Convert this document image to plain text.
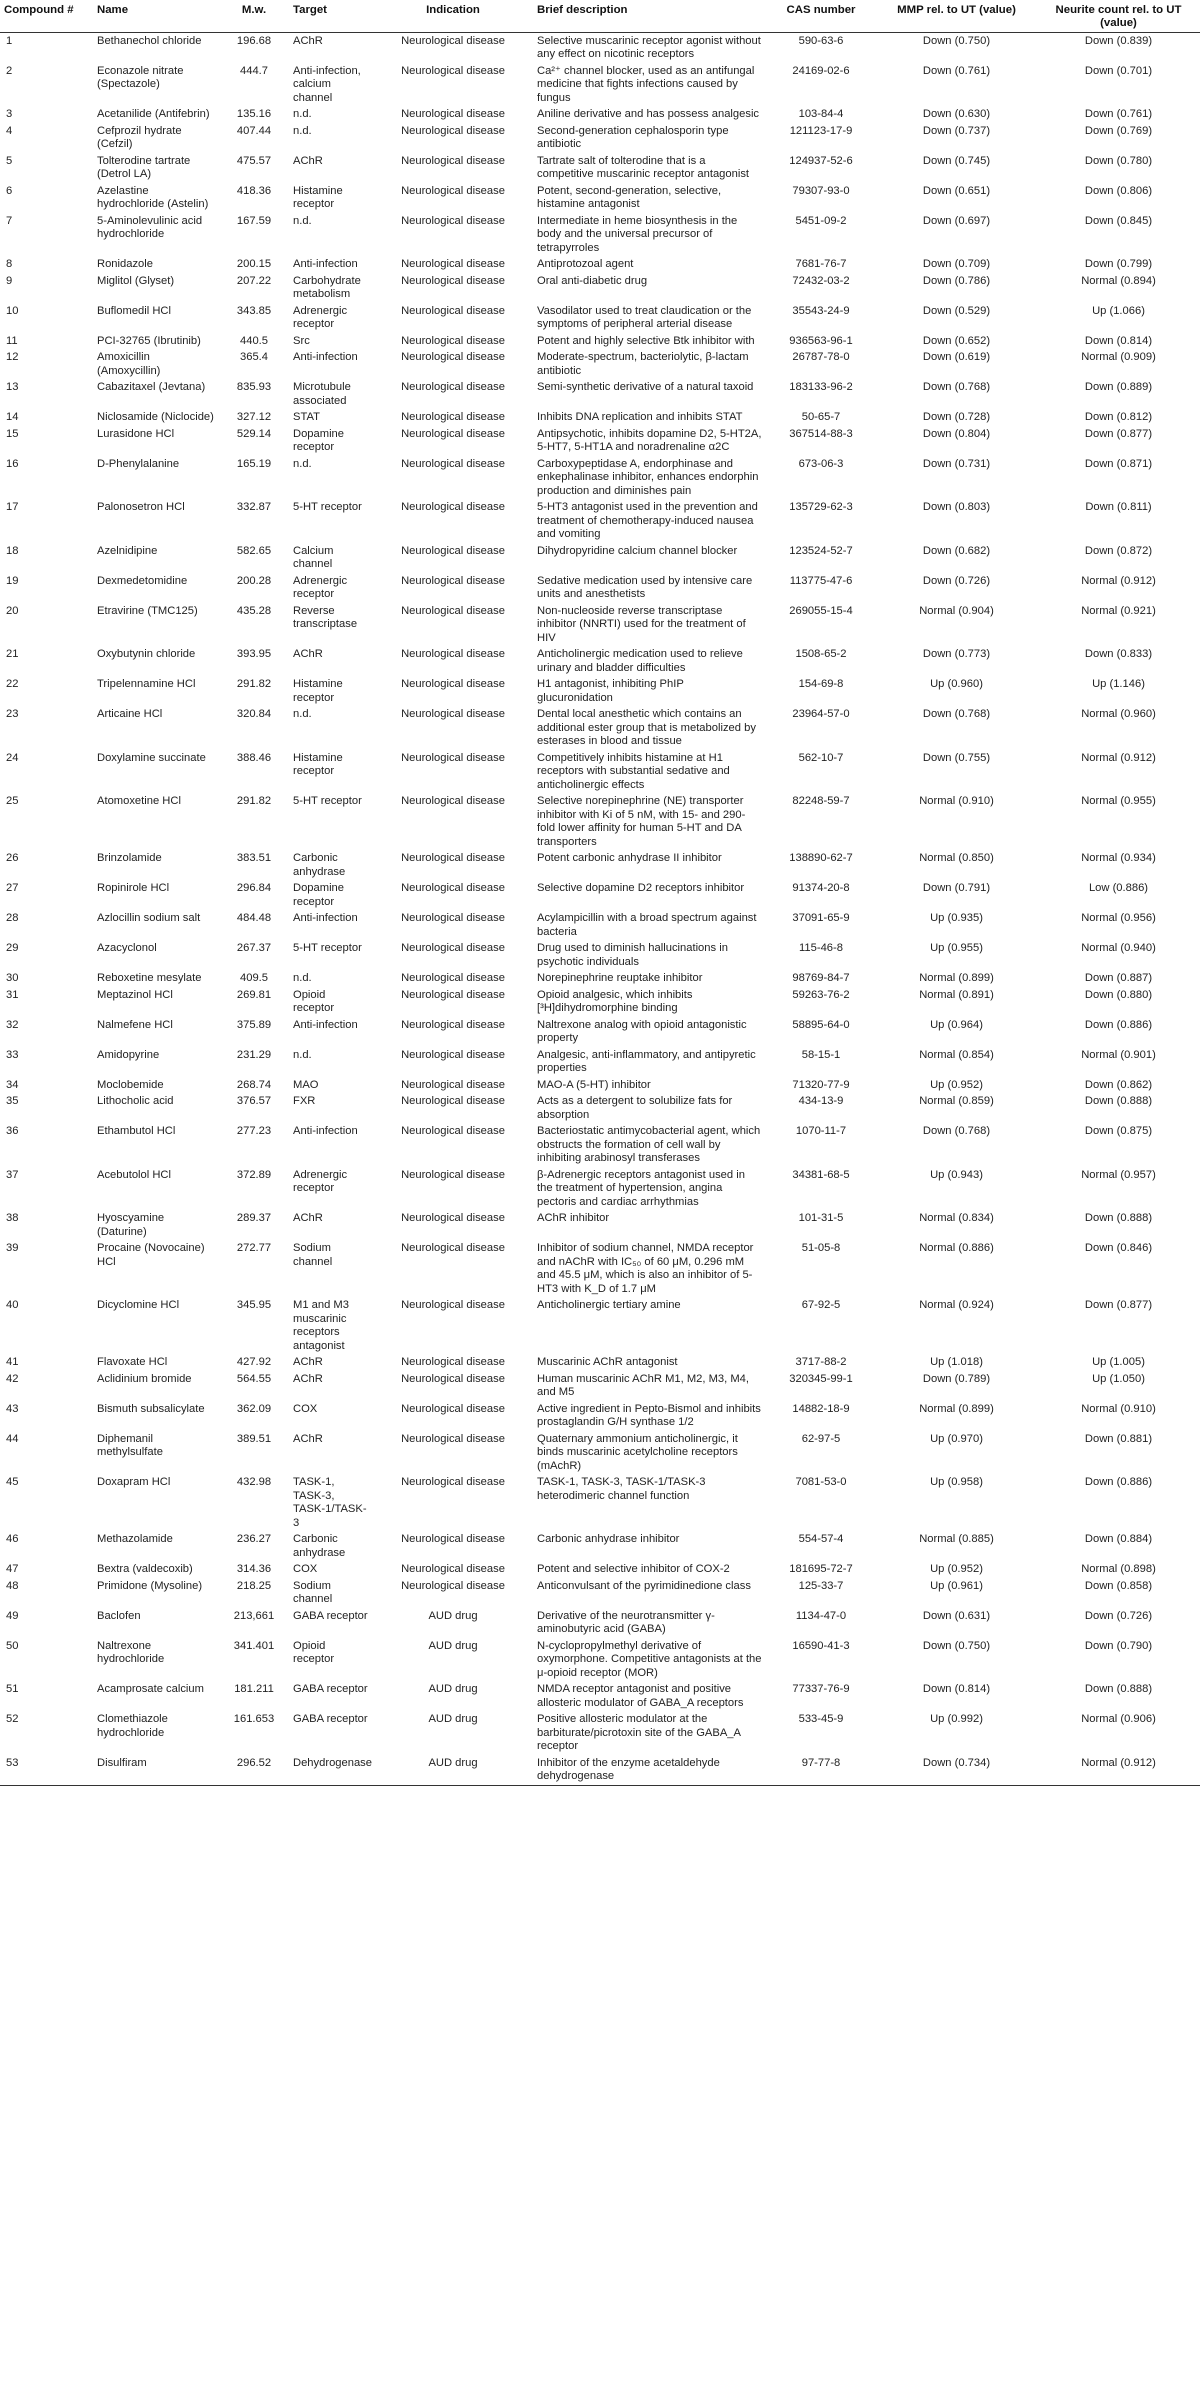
Compound #	Name	M.w.	Target	Indication	Brief description	CAS number	MMP rel. to UT (value)	Neurite count rel. to UT (value)
1	Bethanechol chloride	196.68	AChR	Neurological disease	Selective muscarinic receptor agonist without any effect on nicotinic receptors	590-63-6	Down (0.750)	Down (0.839)
2	Econazole nitrate (Spectazole)	444.7	Anti-infection, calcium channel	Neurological disease	Ca²⁺ channel blocker, used as an antifungal medicine that fights infections caused by fungus	24169-02-6	Down (0.761)	Down (0.701)
3	Acetanilide (Antifebrin)	135.16	n.d.	Neurological disease	Aniline derivative and has possess analgesic	103-84-4	Down (0.630)	Down (0.761)
4	Cefprozil hydrate (Cefzil)	407.44	n.d.	Neurological disease	Second-generation cephalosporin type antibiotic	121123-17-9	Down (0.737)	Down (0.769)
5	Tolterodine tartrate (Detrol LA)	475.57	AChR	Neurological disease	Tartrate salt of tolterodine that is a competitive muscarinic receptor antagonist	124937-52-6	Down (0.745)	Down (0.780)
6	Azelastine hydrochloride (Astelin)	418.36	Histamine receptor	Neurological disease	Potent, second-generation, selective, histamine antagonist	79307-93-0	Down (0.651)	Down (0.806)
7	5-Aminolevulinic acid hydrochloride	167.59	n.d.	Neurological disease	Intermediate in heme biosynthesis in the body and the universal precursor of tetrapyrroles	5451-09-2	Down (0.697)	Down (0.845)
8	Ronidazole	200.15	Anti-infection	Neurological disease	Antiprotozoal agent	7681-76-7	Down (0.709)	Down (0.799)
9	Miglitol (Glyset)	207.22	Carbohydrate metabolism	Neurological disease	Oral anti-diabetic drug	72432-03-2	Down (0.786)	Normal (0.894)
10	Buflomedil HCl	343.85	Adrenergic receptor	Neurological disease	Vasodilator used to treat claudication or the symptoms of peripheral arterial disease	35543-24-9	Down (0.529)	Up (1.066)
11	PCI-32765 (Ibrutinib)	440.5	Src	Neurological disease	Potent and highly selective Btk inhibitor with	936563-96-1	Down (0.652)	Down (0.814)
12	Amoxicillin (Amoxycillin)	365.4	Anti-infection	Neurological disease	Moderate-spectrum, bacteriolytic, β-lactam antibiotic	26787-78-0	Down (0.619)	Normal (0.909)
13	Cabazitaxel (Jevtana)	835.93	Microtubule associated	Neurological disease	Semi-synthetic derivative of a natural taxoid	183133-96-2	Down (0.768)	Down (0.889)
14	Niclosamide (Niclocide)	327.12	STAT	Neurological disease	Inhibits DNA replication and inhibits STAT	50-65-7	Down (0.728)	Down (0.812)
15	Lurasidone HCl	529.14	Dopamine receptor	Neurological disease	Antipsychotic, inhibits dopamine D2, 5-HT2A, 5-HT7, 5-HT1A and noradrenaline α2C	367514-88-3	Down (0.804)	Down (0.877)
16	D-Phenylalanine	165.19	n.d.	Neurological disease	Carboxypeptidase A, endorphinase and enkephalinase inhibitor, enhances endorphin production and diminishes pain	673-06-3	Down (0.731)	Down (0.871)
17	Palonosetron HCl	332.87	5-HT receptor	Neurological disease	5-HT3 antagonist used in the prevention and treatment of chemotherapy-induced nausea and vomiting	135729-62-3	Down (0.803)	Down (0.811)
18	Azelnidipine	582.65	Calcium channel	Neurological disease	Dihydropyridine calcium channel blocker	123524-52-7	Down (0.682)	Down (0.872)
19	Dexmedetomidine	200.28	Adrenergic receptor	Neurological disease	Sedative medication used by intensive care units and anesthetists	113775-47-6	Down (0.726)	Normal (0.912)
20	Etravirine (TMC125)	435.28	Reverse transcriptase	Neurological disease	Non-nucleoside reverse transcriptase inhibitor (NNRTI) used for the treatment of HIV	269055-15-4	Normal (0.904)	Normal (0.921)
21	Oxybutynin chloride	393.95	AChR	Neurological disease	Anticholinergic medication used to relieve urinary and bladder difficulties	1508-65-2	Down (0.773)	Down (0.833)
22	Tripelennamine HCl	291.82	Histamine receptor	Neurological disease	H1 antagonist, inhibiting PhIP glucuronidation	154-69-8	Up (0.960)	Up (1.146)
23	Articaine HCl	320.84	n.d.	Neurological disease	Dental local anesthetic which contains an additional ester group that is metabolized by esterases in blood and tissue	23964-57-0	Down (0.768)	Normal (0.960)
24	Doxylamine succinate	388.46	Histamine receptor	Neurological disease	Competitively inhibits histamine at H1 receptors with substantial sedative and anticholinergic effects	562-10-7	Down (0.755)	Normal (0.912)
25	Atomoxetine HCl	291.82	5-HT receptor	Neurological disease	Selective norepinephrine (NE) transporter inhibitor with Ki of 5 nM, with 15- and 290-fold lower affinity for human 5-HT and DA transporters	82248-59-7	Normal (0.910)	Normal (0.955)
26	Brinzolamide	383.51	Carbonic anhydrase	Neurological disease	Potent carbonic anhydrase II inhibitor	138890-62-7	Normal (0.850)	Normal (0.934)
27	Ropinirole HCl	296.84	Dopamine receptor	Neurological disease	Selective dopamine D2 receptors inhibitor	91374-20-8	Down (0.791)	Low (0.886)
28	Azlocillin sodium salt	484.48	Anti-infection	Neurological disease	Acylampicillin with a broad spectrum against bacteria	37091-65-9	Up (0.935)	Normal (0.956)
29	Azacyclonol	267.37	5-HT receptor	Neurological disease	Drug used to diminish hallucinations in psychotic individuals	115-46-8	Up (0.955)	Normal (0.940)
30	Reboxetine mesylate	409.5	n.d.	Neurological disease	Norepinephrine reuptake inhibitor	98769-84-7	Normal (0.899)	Down (0.887)
31	Meptazinol HCl	269.81	Opioid receptor	Neurological disease	Opioid analgesic, which inhibits [³H]dihydromorphine binding	59263-76-2	Normal (0.891)	Down (0.880)
32	Nalmefene HCl	375.89	Anti-infection	Neurological disease	Naltrexone analog with opioid antagonistic property	58895-64-0	Up (0.964)	Down (0.886)
33	Amidopyrine	231.29	n.d.	Neurological disease	Analgesic, anti-inflammatory, and antipyretic properties	58-15-1	Normal (0.854)	Normal (0.901)
34	Moclobemide	268.74	MAO	Neurological disease	MAO-A (5-HT) inhibitor	71320-77-9	Up (0.952)	Down (0.862)
35	Lithocholic acid	376.57	FXR	Neurological disease	Acts as a detergent to solubilize fats for absorption	434-13-9	Normal (0.859)	Down (0.888)
36	Ethambutol HCl	277.23	Anti-infection	Neurological disease	Bacteriostatic antimycobacterial agent, which obstructs the formation of cell wall by inhibiting arabinosyl transferases	1070-11-7	Down (0.768)	Down (0.875)
37	Acebutolol HCl	372.89	Adrenergic receptor	Neurological disease	β-Adrenergic receptors antagonist used in the treatment of hypertension, angina pectoris and cardiac arrhythmias	34381-68-5	Up (0.943)	Normal (0.957)
38	Hyoscyamine (Daturine)	289.37	AChR	Neurological disease	AChR inhibitor	101-31-5	Normal (0.834)	Down (0.888)
39	Procaine (Novocaine) HCl	272.77	Sodium channel	Neurological disease	Inhibitor of sodium channel, NMDA receptor and nAChR with IC₅₀ of 60 μM, 0.296 mM and 45.5 μM, which is also an inhibitor of 5-HT3 with K_D of 1.7 μM	51-05-8	Normal (0.886)	Down (0.846)
40	Dicyclomine HCl	345.95	M1 and M3 muscarinic receptors antagonist	Neurological disease	Anticholinergic tertiary amine	67-92-5	Normal (0.924)	Down (0.877)
41	Flavoxate HCl	427.92	AChR	Neurological disease	Muscarinic AChR antagonist	3717-88-2	Up (1.018)	Up (1.005)
42	Aclidinium bromide	564.55	AChR	Neurological disease	Human muscarinic AChR M1, M2, M3, M4, and M5	320345-99-1	Down (0.789)	Up (1.050)
43	Bismuth subsalicylate	362.09	COX	Neurological disease	Active ingredient in Pepto-Bismol and inhibits prostaglandin G/H synthase 1/2	14882-18-9	Normal (0.899)	Normal (0.910)
44	Diphemanil methylsulfate	389.51	AChR	Neurological disease	Quaternary ammonium anticholinergic, it binds muscarinic acetylcholine receptors (mAchR)	62-97-5	Up (0.970)	Down (0.881)
45	Doxapram HCl	432.98	TASK-1, TASK-3, TASK-1/TASK-3	Neurological disease	TASK-1, TASK-3, TASK-1/TASK-3 heterodimeric channel function	7081-53-0	Up (0.958)	Down (0.886)
46	Methazolamide	236.27	Carbonic anhydrase	Neurological disease	Carbonic anhydrase inhibitor	554-57-4	Normal (0.885)	Down (0.884)
47	Bextra (valdecoxib)	314.36	COX	Neurological disease	Potent and selective inhibitor of COX-2	181695-72-7	Up (0.952)	Normal (0.898)
48	Primidone (Mysoline)	218.25	Sodium channel	Neurological disease	Anticonvulsant of the pyrimidinedione class	125-33-7	Up (0.961)	Down (0.858)
49	Baclofen	213,661	GABA receptor	AUD drug	Derivative of the neurotransmitter γ-aminobutyric acid (GABA)	1134-47-0	Down (0.631)	Down (0.726)
50	Naltrexone hydrochloride	341.401	Opioid receptor	AUD drug	N-cyclopropylmethyl derivative of oxymorphone. Competitive antagonists at the μ-opioid receptor (MOR)	16590-41-3	Down (0.750)	Down (0.790)
51	Acamprosate calcium	181.211	GABA receptor	AUD drug	NMDA receptor antagonist and positive allosteric modulator of GABA_A receptors	77337-76-9	Down (0.814)	Down (0.888)
52	Clomethiazole hydrochloride	161.653	GABA receptor	AUD drug	Positive allosteric modulator at the barbiturate/picrotoxin site of the GABA_A receptor	533-45-9	Up (0.992)	Normal (0.906)
53	Disulfiram	296.52	Dehydrogenase	AUD drug	Inhibitor of the enzyme acetaldehyde dehydrogenase	97-77-8	Down (0.734)	Normal (0.912)
